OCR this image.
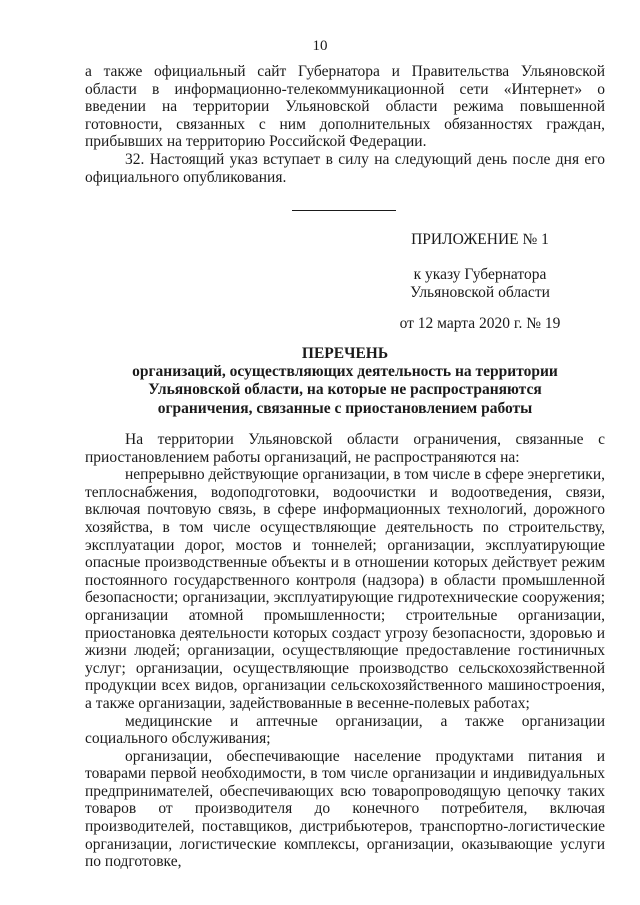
10

а также официальный сайт Губернатора и Правительства Ульяновской области в информационно-телекоммуникационной сети «Интернет» о введении на территории Ульяновской области режима повышенной готовности, связанных с ним дополнительных обязанностях граждан, прибывших на территорию Российской Федерации.

32. Настоящий указ вступает в силу на следующий день после дня его официального опубликования.

ПРИЛОЖЕНИЕ № 1
к указу Губернатора
Ульяновской области
от 12 марта 2020 г. № 19
ПЕРЕЧЕНЬ
организаций, осуществляющих деятельность на территории Ульяновской области, на которые не распространяются ограничения, связанные с приостановлением работы

На территории Ульяновской области ограничения, связанные с приостановлением работы организаций, не распространяются на:

непрерывно действующие организации, в том числе в сфере энергетики, теплоснабжения, водоподготовки, водоочистки и водоотведения, связи, включая почтовую связь, в сфере информационных технологий, дорожного хозяйства, в том числе осуществляющие деятельность по строительству, эксплуатации дорог, мостов и тоннелей; организации, эксплуатирующие опасные производственные объекты и в отношении которых действует режим постоянного государственного контроля (надзора) в области промышленной безопасности; организации, эксплуатирующие гидротехнические сооружения; организации атомной промышленности; строительные организации, приостановка деятельности которых создаст угрозу безопасности, здоровью и жизни людей; организации, осуществляющие предоставление гостиничных услуг; организации, осуществляющие производство сельскохозяйственной продукции всех видов, организации сельскохозяйственного машиностроения, а также организации, задействованные в весенне-полевых работах;

медицинские и аптечные организации, а также организации социального обслуживания;

организации, обеспечивающие население продуктами питания и товарами первой необходимости, в том числе организации и индивидуальных предпринимателей, обеспечивающих всю товаропроводящую цепочку таких товаров от производителя до конечного потребителя, включая производителей, поставщиков, дистрибьютеров, транспортно-логистические организации, логистические комплексы, организации, оказывающие услуги по подготовке,
